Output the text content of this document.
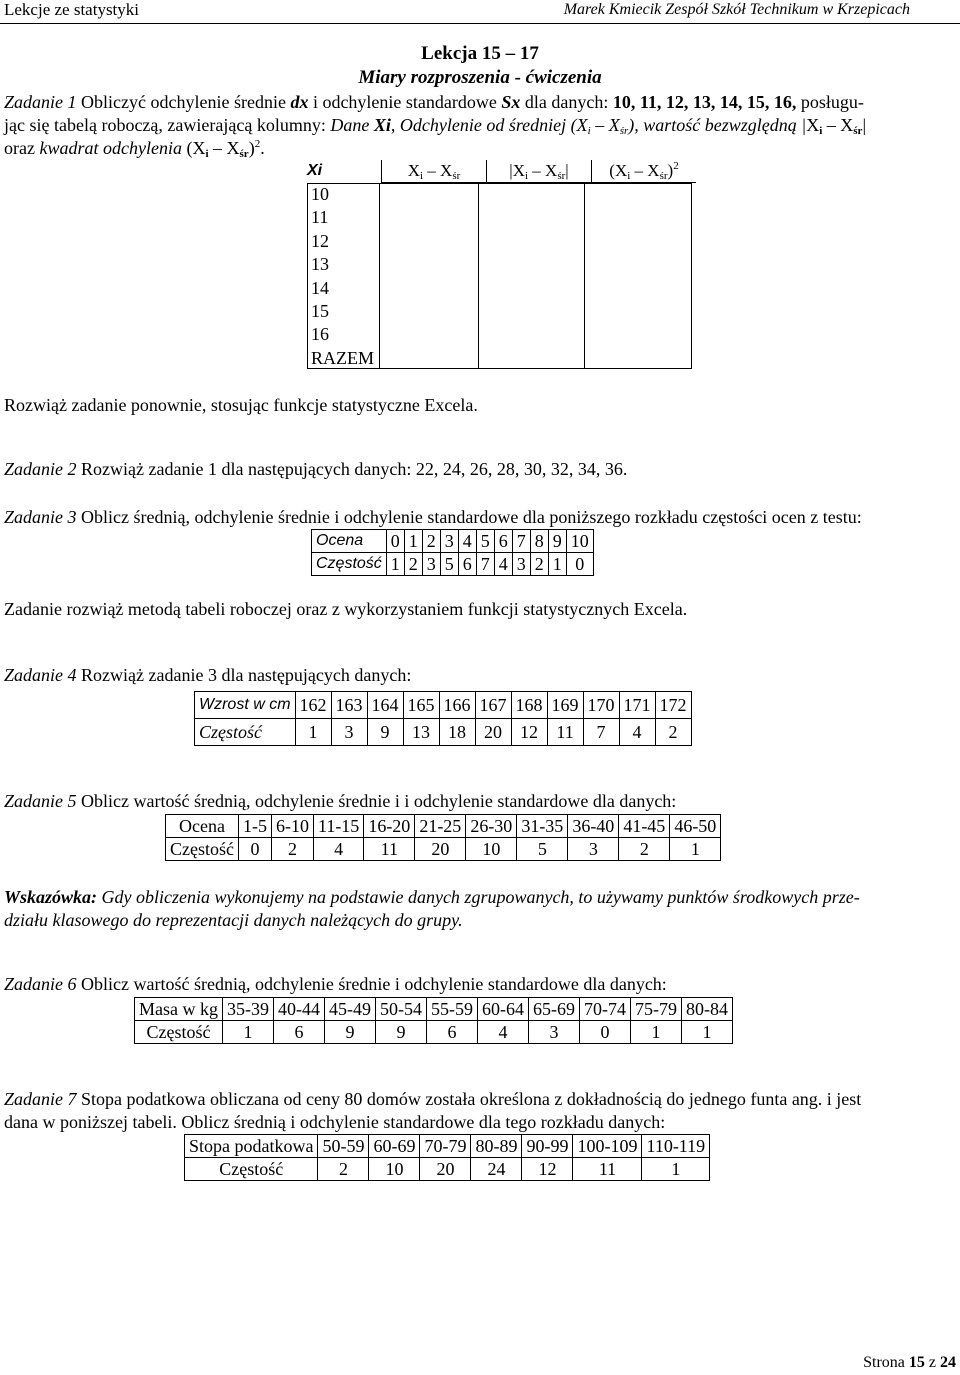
Lekcje ze statystyki	Marek Kmiecik Zespół Szkół Technikum w Krzepicach
Lekcja 15 – 17
Miary rozproszenia - ćwiczenia
Zadanie 1 Obliczyć odchylenie średnie dx i odchylenie standardowe Sx dla danych: 10, 11, 12, 13, 14, 15, 16, posługu-
jąc się tabelą roboczą, zawierającą kolumny: Dane Xi, Odchylenie od średniej $(X_i - X_{śr})$, wartość bezwzględną $|X_i - X_{śr}|$
oraz kwadrat odchylenia $(X_i - X_{śr})^2$.
Xi	$X_i - X_{śr}$	$|X_i - X_{śr}|$	$(X_i - X_{śr})^2$
10
11
12
13
14
15
16
RAZEM
Rozwiąż zadanie ponownie, stosując funkcje statystyczne Excela.
Zadanie 2 Rozwiąż zadanie 1 dla następujących danych: 22, 24, 26, 28, 30, 32, 34, 36.
Zadanie 3 Oblicz średnią, odchylenie średnie i odchylenie standardowe dla poniższego rozkładu częstości ocen z testu:
Ocena	0	1	2	3	4	5	6	7	8	9	10
Częstość	1	2	3	5	6	7	4	3	2	1	0
Zadanie rozwiąż metodą tabeli roboczej oraz z wykorzystaniem funkcji statystycznych Excela.
Zadanie 4 Rozwiąż zadanie 3 dla następujących danych:
Wzrost w cm	162	163	164	165	166	167	168	169	170	171	172
Częstość	1	3	9	13	18	20	12	11	7	4	2
Zadanie 5 Oblicz wartość średnią, odchylenie średnie i i odchylenie standardowe dla danych:
Ocena	1-5	6-10	11-15	16-20	21-25	26-30	31-35	36-40	41-45	46-50
Częstość	0	2	4	11	20	10	5	3	2	1
Wskazówka: Gdy obliczenia wykonujemy na podstawie danych zgrupowanych, to używamy punktów środkowych prze-
działu klasowego do reprezentacji danych należących do grupy.
Zadanie 6 Oblicz wartość średnią, odchylenie średnie i odchylenie standardowe dla danych:
Masa w kg	35-39	40-44	45-49	50-54	55-59	60-64	65-69	70-74	75-79	80-84
Częstość	1	6	9	9	6	4	3	0	1	1
Zadanie 7 Stopa podatkowa obliczana od ceny 80 domów została określona z dokładnością do jednego funta ang. i jest
dana w poniższej tabeli. Oblicz średnią i odchylenie standardowe dla tego rozkładu danych:
Stopa podatkowa	50-59	60-69	70-79	80-89	90-99	100-109	110-119
Częstość	2	10	20	24	12	11	1
Strona 15 z 24
